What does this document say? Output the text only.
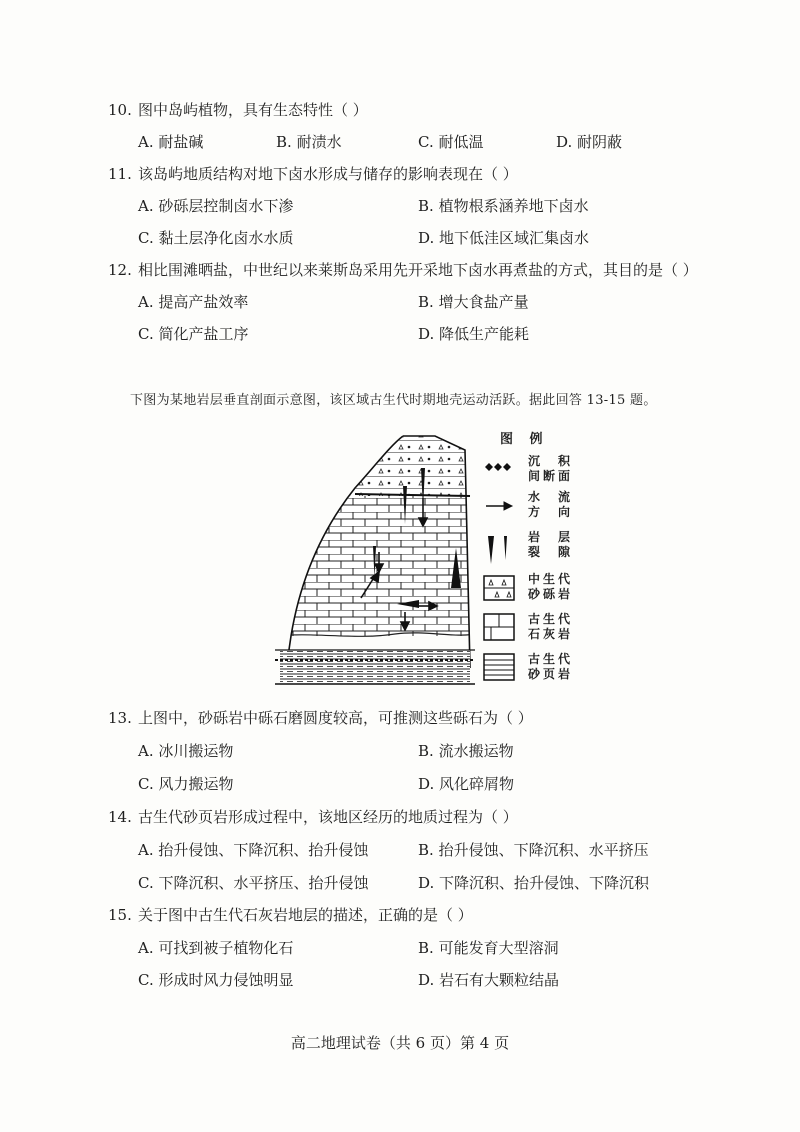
10. 图中岛屿植物，具有生态特性（ ）
A. 耐盐碱	B. 耐渍水	C. 耐低温	D. 耐阴蔽
11. 该岛屿地质结构对地下卤水形成与储存的影响表现在（ ）
A. 砂砾层控制卤水下渗	B. 植物根系涵养地下卤水
C. 黏土层净化卤水水质	D. 地下低洼区域汇集卤水
12. 相比围滩晒盐，中世纪以来莱斯岛采用先开采地下卤水再煮盐的方式，其目的是（ ）
A. 提高产盐效率	B. 增大食盐产量
C. 简化产盐工序	D. 降低生产能耗
下图为某地岩层垂直剖面示意图，该区域古生代时期地壳运动活跃。据此回答 13-15 题。
图 例
沉 积 间断面
水 流 方 向
岩 层 裂 隙
中生代 砂砾岩
古生代 石灰岩
古生代 砂页岩
13. 上图中，砂砾岩中砾石磨圆度较高，可推测这些砾石为（ ）
A. 冰川搬运物	B. 流水搬运物
C. 风力搬运物	D. 风化碎屑物
14. 古生代砂页岩形成过程中，该地区经历的地质过程为（ ）
A. 抬升侵蚀、下降沉积、抬升侵蚀	B. 抬升侵蚀、下降沉积、水平挤压
C. 下降沉积、水平挤压、抬升侵蚀	D. 下降沉积、抬升侵蚀、下降沉积
15. 关于图中古生代石灰岩地层的描述，正确的是（ ）
A. 可找到被子植物化石	B. 可能发育大型溶洞
C. 形成时风力侵蚀明显	D. 岩石有大颗粒结晶
高二地理试卷（共 6 页）第 4 页
